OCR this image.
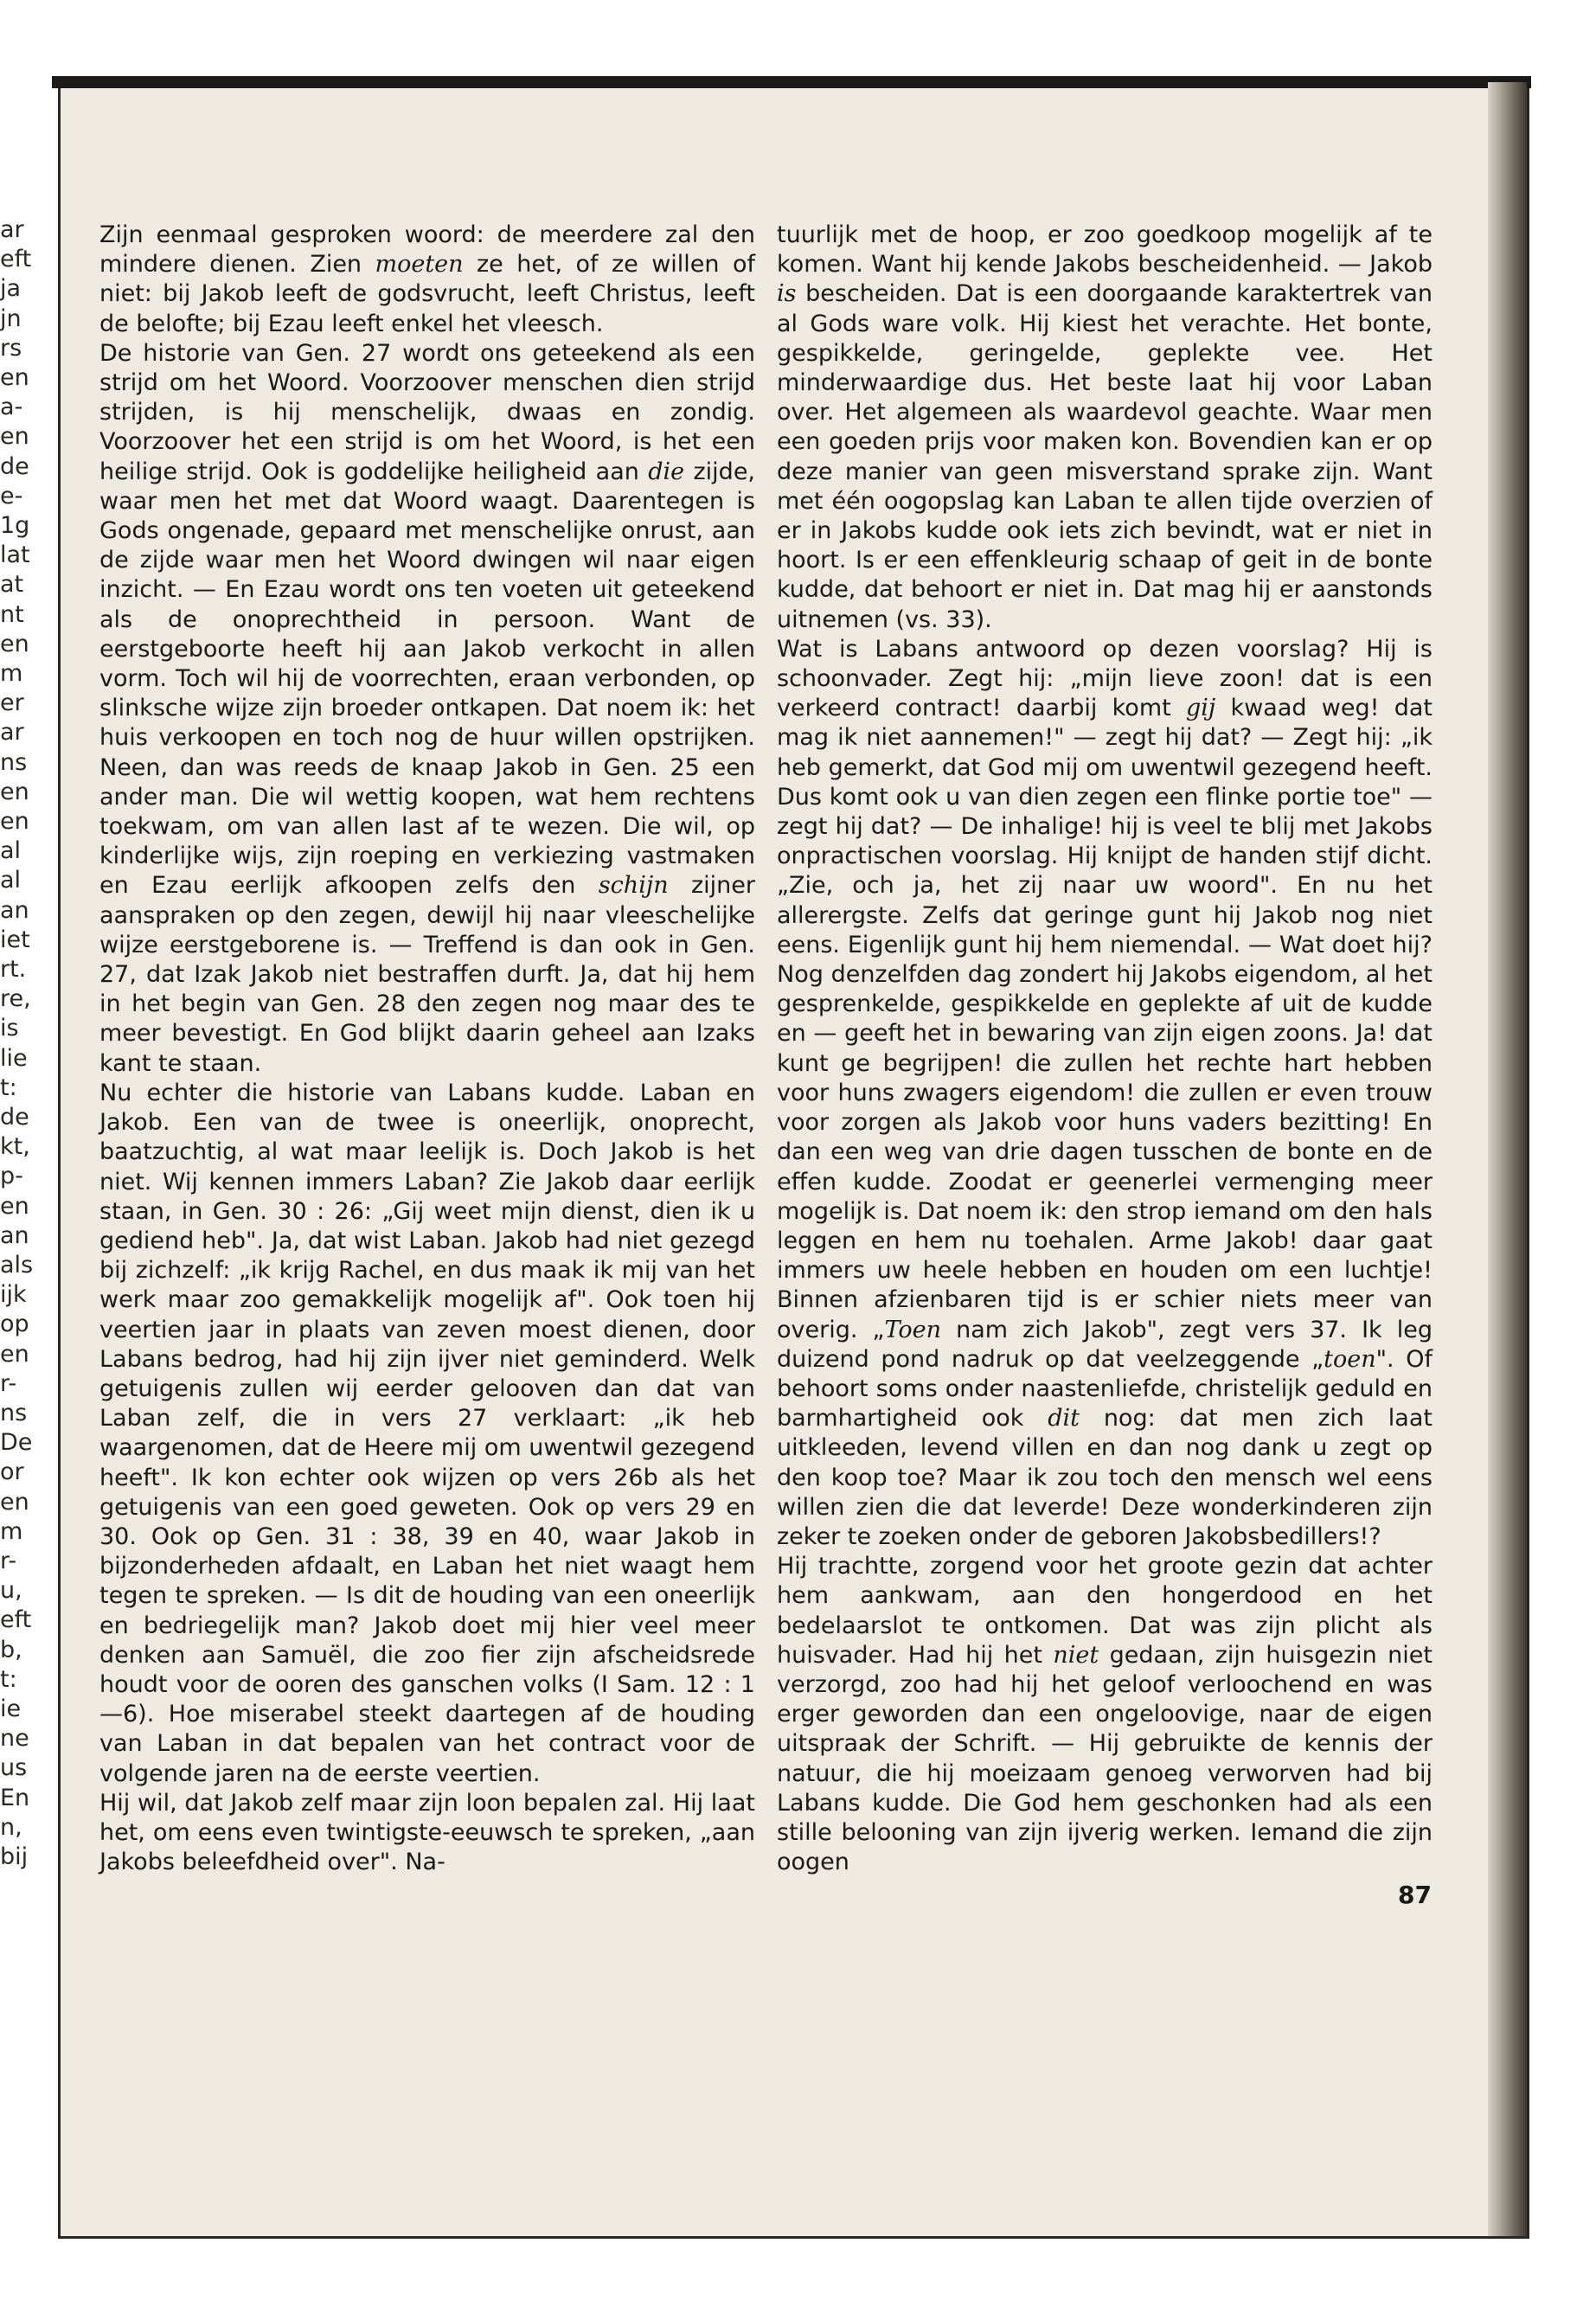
ar
eft
ja
jn
rs
en
a-
en
de
e-
1g
lat
at
nt
en
m
er
ar
ns
en
en
al
al
an
iet
rt.
re,
is
lie
t:
de
kt,
p-
en
an
als
ijk
op
en
r-
ns
De
or
en
m
r-
u,
eft
b,
t:
ie
ne
us
En
n,
bij

Zijn eenmaal gesproken woord: de meerdere zal den mindere dienen. Zien moeten ze het, of ze willen of niet: bij Jakob leeft de godsvrucht, leeft Christus, leeft de belofte; bij Ezau leeft enkel het vleesch.

De historie van Gen. 27 wordt ons geteekend als een strijd om het Woord. Voorzoover menschen dien strijd strijden, is hij menschelijk, dwaas en zondig. Voorzoover het een strijd is om het Woord, is het een heilige strijd. Ook is goddelijke heiligheid aan die zijde, waar men het met dat Woord waagt. Daarentegen is Gods ongenade, gepaard met menschelijke onrust, aan de zijde waar men het Woord dwingen wil naar eigen inzicht. — En Ezau wordt ons ten voeten uit geteekend als de onoprechtheid in persoon. Want de eerstgeboorte heeft hij aan Jakob verkocht in allen vorm. Toch wil hij de voorrechten, eraan verbonden, op slinksche wijze zijn broeder ontkapen. Dat noem ik: het huis verkoopen en toch nog de huur willen opstrijken. Neen, dan was reeds de knaap Jakob in Gen. 25 een ander man. Die wil wettig koopen, wat hem rechtens toekwam, om van allen last af te wezen. Die wil, op kinderlijke wijs, zijn roeping en verkiezing vastmaken en Ezau eerlijk afkoopen zelfs den schijn zijner aanspraken op den zegen, dewijl hij naar vleeschelijke wijze eerstgeborene is. — Treffend is dan ook in Gen. 27, dat Izak Jakob niet bestraffen durft. Ja, dat hij hem in het begin van Gen. 28 den zegen nog maar des te meer bevestigt. En God blijkt daarin geheel aan Izaks kant te staan.

Nu echter die historie van Labans kudde. Laban en Jakob. Een van de twee is oneerlijk, onoprecht, baatzuchtig, al wat maar leelijk is. Doch Jakob is het niet. Wij kennen immers Laban? Zie Jakob daar eerlijk staan, in Gen. 30 : 26: „Gij weet mijn dienst, dien ik u gediend heb". Ja, dat wist Laban. Jakob had niet gezegd bij zichzelf: „ik krijg Rachel, en dus maak ik mij van het werk maar zoo gemakkelijk mogelijk af". Ook toen hij veertien jaar in plaats van zeven moest dienen, door Labans bedrog, had hij zijn ijver niet geminderd. Welk getuigenis zullen wij eerder gelooven dan dat van Laban zelf, die in vers 27 verklaart: „ik heb waargenomen, dat de Heere mij om uwentwil gezegend heeft". Ik kon echter ook wijzen op vers 26b als het getuigenis van een goed geweten. Ook op vers 29 en 30. Ook op Gen. 31 : 38, 39 en 40, waar Jakob in bijzonderheden afdaalt, en Laban het niet waagt hem tegen te spreken. — Is dit de houding van een oneerlijk en bedriegelijk man? Jakob doet mij hier veel meer denken aan Samuël, die zoo fier zijn afscheidsrede houdt voor de ooren des ganschen volks (I Sam. 12 : 1—6). Hoe miserabel steekt daartegen af de houding van Laban in dat bepalen van het contract voor de volgende jaren na de eerste veertien.

Hij wil, dat Jakob zelf maar zijn loon bepalen zal. Hij laat het, om eens even twintigste-eeuwsch te spreken, „aan Jakobs beleefdheid over". Na-

tuurlijk met de hoop, er zoo goedkoop mogelijk af te komen. Want hij kende Jakobs bescheidenheid. — Jakob is bescheiden. Dat is een doorgaande karaktertrek van al Gods ware volk. Hij kiest het verachte. Het bonte, gespikkelde, geringelde, geplekte vee. Het minderwaardige dus. Het beste laat hij voor Laban over. Het algemeen als waardevol geachte. Waar men een goeden prijs voor maken kon. Bovendien kan er op deze manier van geen misverstand sprake zijn. Want met één oogopslag kan Laban te allen tijde overzien of er in Jakobs kudde ook iets zich bevindt, wat er niet in hoort. Is er een effenkleurig schaap of geit in de bonte kudde, dat behoort er niet in. Dat mag hij er aanstonds uitnemen (vs. 33).

Wat is Labans antwoord op dezen voorslag? Hij is schoonvader. Zegt hij: „mijn lieve zoon! dat is een verkeerd contract! daarbij komt gij kwaad weg! dat mag ik niet aannemen!" — zegt hij dat? — Zegt hij: „ik heb gemerkt, dat God mij om uwentwil gezegend heeft. Dus komt ook u van dien zegen een flinke portie toe" — zegt hij dat? — De inhalige! hij is veel te blij met Jakobs onpractischen voorslag. Hij knijpt de handen stijf dicht. „Zie, och ja, het zij naar uw woord". En nu het allerergste. Zelfs dat geringe gunt hij Jakob nog niet eens. Eigenlijk gunt hij hem niemendal. — Wat doet hij? Nog denzelfden dag zondert hij Jakobs eigendom, al het gesprenkelde, gespikkelde en geplekte af uit de kudde en — geeft het in bewaring van zijn eigen zoons. Ja! dat kunt ge begrijpen! die zullen het rechte hart hebben voor huns zwagers eigendom! die zullen er even trouw voor zorgen als Jakob voor huns vaders bezitting! En dan een weg van drie dagen tusschen de bonte en de effen kudde. Zoodat er geenerlei vermenging meer mogelijk is. Dat noem ik: den strop iemand om den hals leggen en hem nu toehalen. Arme Jakob! daar gaat immers uw heele hebben en houden om een luchtje! Binnen afzienbaren tijd is er schier niets meer van overig. „Toen nam zich Jakob", zegt vers 37. Ik leg duizend pond nadruk op dat veelzeggende „toen". Of behoort soms onder naastenliefde, christelijk geduld en barmhartigheid ook dit nog: dat men zich laat uitkleeden, levend villen en dan nog dank u zegt op den koop toe? Maar ik zou toch den mensch wel eens willen zien die dat leverde! Deze wonderkinderen zijn zeker te zoeken onder de geboren Jakobsbedillers!?

Hij trachtte, zorgend voor het groote gezin dat achter hem aankwam, aan den hongerdood en het bedelaarslot te ontkomen. Dat was zijn plicht als huisvader. Had hij het niet gedaan, zijn huisgezin niet verzorgd, zoo had hij het geloof verloochend en was erger geworden dan een ongeloovige, naar de eigen uitspraak der Schrift. — Hij gebruikte de kennis der natuur, die hij moeizaam genoeg verworven had bij Labans kudde. Die God hem geschonken had als een stille belooning van zijn ijverig werken. Iemand die zijn oogen

87
